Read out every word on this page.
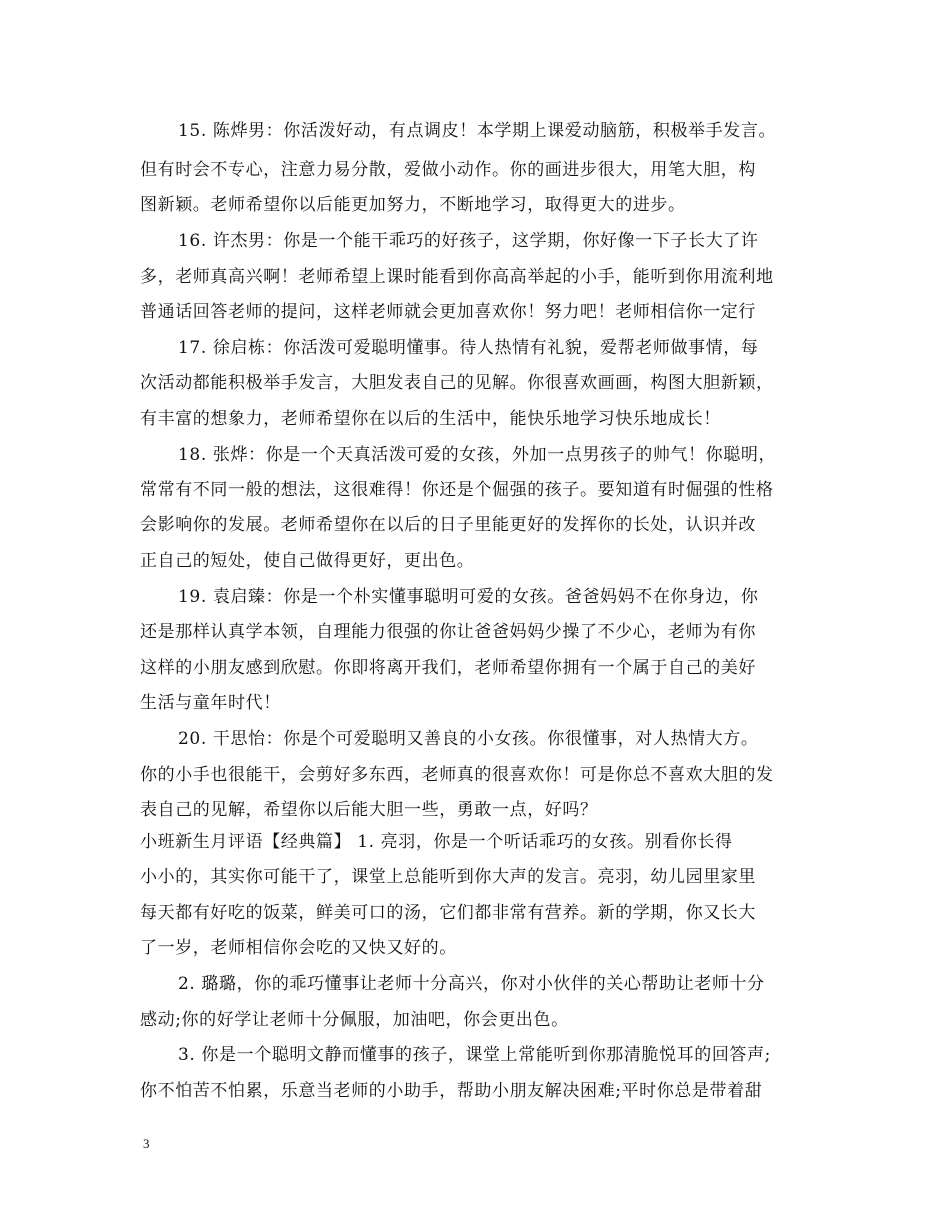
15. 陈烨男：你活泼好动，有点调皮！本学期上课爱动脑筋，积极举手发言。
但有时会不专心，注意力易分散，爱做小动作。你的画进步很大，用笔大胆，构
图新颖。老师希望你以后能更加努力，不断地学习，取得更大的进步。
16. 许杰男：你是一个能干乖巧的好孩子，这学期，你好像一下子长大了许
多，老师真高兴啊！老师希望上课时能看到你高高举起的小手，能听到你用流利地
普通话回答老师的提问，这样老师就会更加喜欢你！努力吧！老师相信你一定行
17. 徐启栋：你活泼可爱聪明懂事。待人热情有礼貌，爱帮老师做事情，每
次活动都能积极举手发言，大胆发表自己的见解。你很喜欢画画，构图大胆新颖，
有丰富的想象力，老师希望你在以后的生活中，能快乐地学习快乐地成长！
18. 张烨：你是一个天真活泼可爱的女孩，外加一点男孩子的帅气！你聪明，
常常有不同一般的想法，这很难得！你还是个倔强的孩子。要知道有时倔强的性格
会影响你的发展。老师希望你在以后的日子里能更好的发挥你的长处，认识并改
正自己的短处，使自己做得更好，更出色。
19. 袁启臻：你是一个朴实懂事聪明可爱的女孩。爸爸妈妈不在你身边，你
还是那样认真学本领，自理能力很强的你让爸爸妈妈少操了不少心，老师为有你
这样的小朋友感到欣慰。你即将离开我们，老师希望你拥有一个属于自己的美好
生活与童年时代！
20. 干思怡：你是个可爱聪明又善良的小女孩。你很懂事，对人热情大方。
你的小手也很能干，会剪好多东西，老师真的很喜欢你！可是你总不喜欢大胆的发
表自己的见解，希望你以后能大胆一些，勇敢一点，好吗？
小班新生月评语【经典篇】 1. 亮羽，你是一个听话乖巧的女孩。别看你长得
小小的，其实你可能干了，课堂上总能听到你大声的发言。亮羽，幼儿园里家里
每天都有好吃的饭菜，鲜美可口的汤，它们都非常有营养。新的学期，你又长大
了一岁，老师相信你会吃的又快又好的。
2. 璐璐，你的乖巧懂事让老师十分高兴，你对小伙伴的关心帮助让老师十分
感动;你的好学让老师十分佩服，加油吧，你会更出色。
3. 你是一个聪明文静而懂事的孩子，课堂上常能听到你那清脆悦耳的回答声;
你不怕苦不怕累，乐意当老师的小助手，帮助小朋友解决困难;平时你总是带着甜
3
